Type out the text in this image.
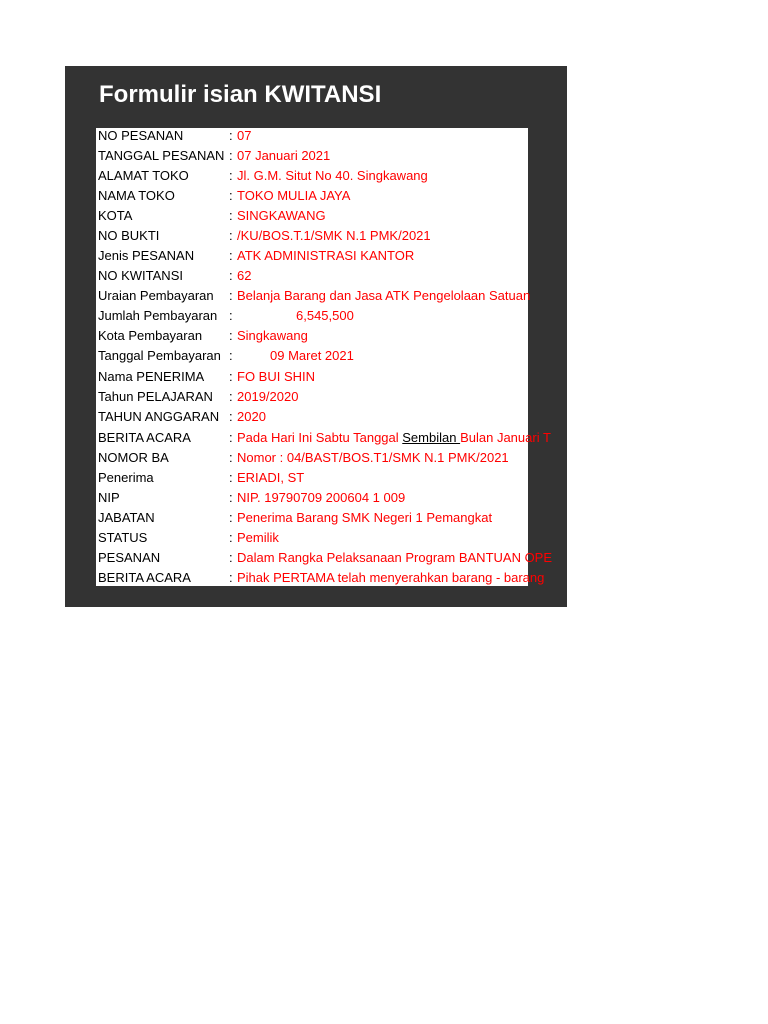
Formulir isian KWITANSI
NO PESANAN	: 07
TANGGAL PESANAN : 07 Januari 2021
ALAMAT TOKO	: Jl. G.M. Situt No 40. Singkawang
NAMA TOKO	: TOKO MULIA JAYA
KOTA	: SINGKAWANG
NO BUKTI	: /KU/BOS.T.1/SMK N.1 PMK/2021
Jenis PESANAN	: ATK ADMINISTRASI KANTOR
NO KWITANSI	: 62
Uraian Pembayaran : Belanja Barang dan Jasa ATK Pengelolaan Satuan
Jumlah Pembayaran :	6,545,500
Kota Pembayaran : Singkawang
Tanggal Pembayaran :	09 Maret 2021
Nama PENERIMA : FO BUI SHIN
Tahun PELAJARAN : 2019/2020
TAHUN ANGGARAN : 2020
BERITA ACARA	: Pada Hari Ini Sabtu Tanggal Sembilan Bulan Januari T
NOMOR BA	: Nomor : 04/BAST/BOS.T1/SMK N.1 PMK/2021
Penerima	: ERIADI, ST
NIP	: NIP. 19790709 200604 1 009
JABATAN	: Penerima Barang SMK Negeri 1 Pemangkat
STATUS	: Pemilik
PESANAN	: Dalam Rangka Pelaksanaan Program BANTUAN OPE
BERITA ACARA	: Pihak PERTAMA telah menyerahkan barang - barang
